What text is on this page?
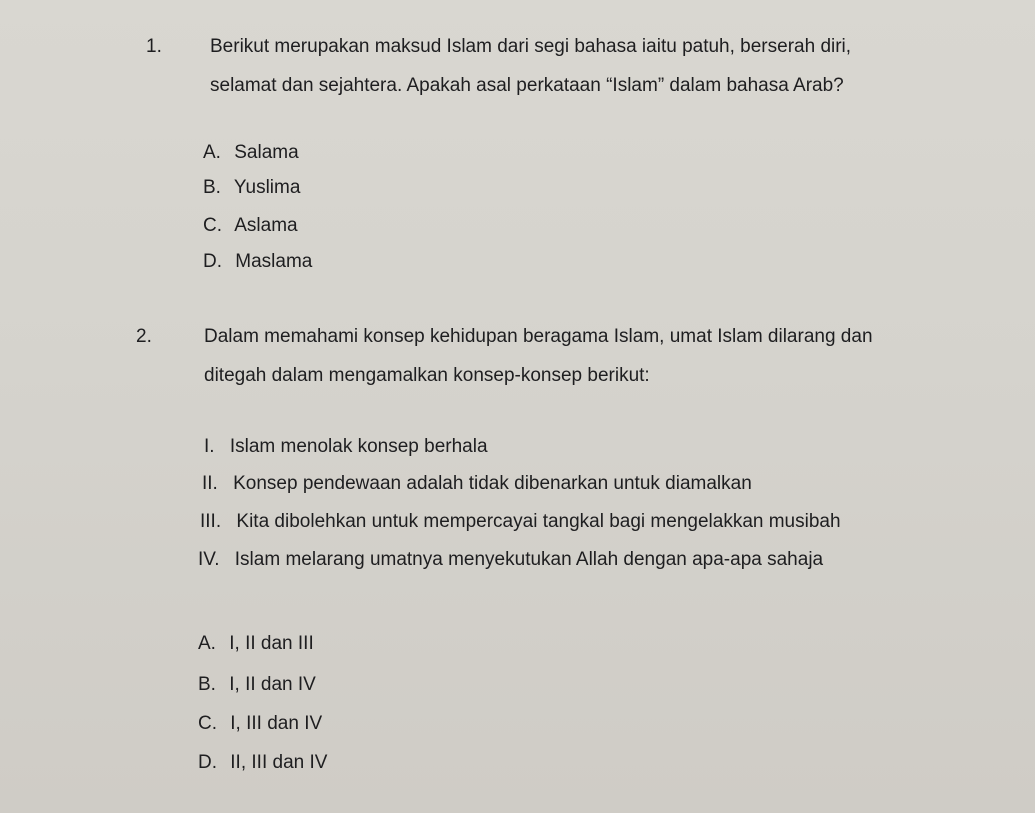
1.	Berikut merupakan maksud Islam dari segi bahasa iaitu patuh, berserah diri,
selamat dan sejahtera. Apakah asal perkataan “Islam” dalam bahasa Arab?
A. Salama
B. Yuslima
C. Aslama
D. Maslama
2.	Dalam memahami konsep kehidupan beragama Islam, umat Islam dilarang dan
ditegah dalam mengamalkan konsep-konsep berikut:
I. Islam menolak konsep berhala
II. Konsep pendewaan adalah tidak dibenarkan untuk diamalkan
III. Kita dibolehkan untuk mempercayai tangkal bagi mengelakkan musibah
IV. Islam melarang umatnya menyekutukan Allah dengan apa-apa sahaja
A. I, II dan III
B. I, II dan IV
C. I, III dan IV
D. II, III dan IV
